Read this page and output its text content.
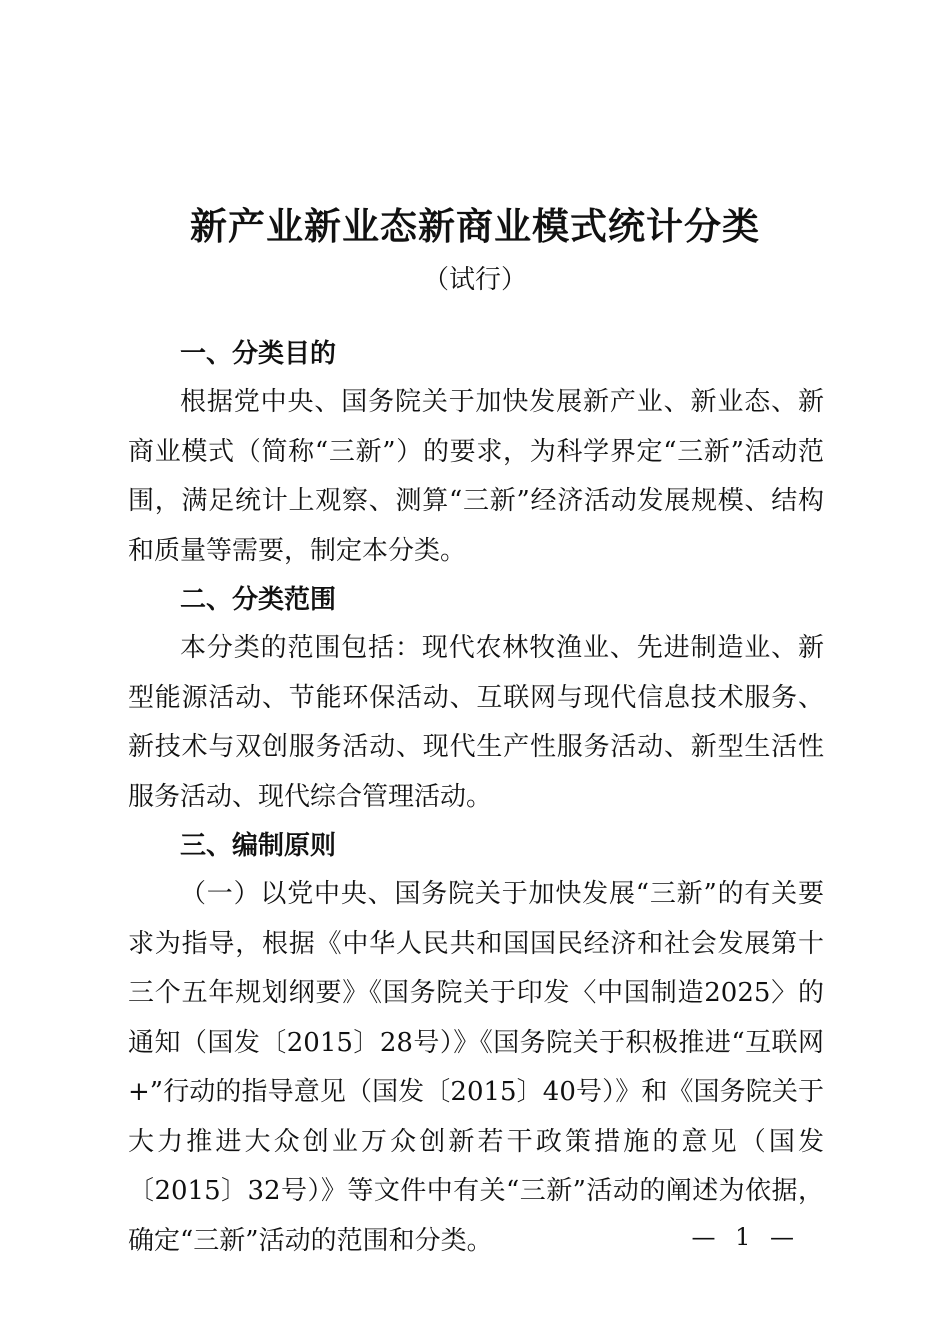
新产业新业态新商业模式统计分类
（试行）

一、分类目的

根据党中央、国务院关于加快发展新产业、新业态、新商业模式（简称“三新”）的要求，为科学界定“三新”活动范围，满足统计上观察、测算“三新”经济活动发展规模、结构和质量等需要，制定本分类。

二、分类范围

本分类的范围包括：现代农林牧渔业、先进制造业、新型能源活动、节能环保活动、互联网与现代信息技术服务、新技术与双创服务活动、现代生产性服务活动、新型生活性服务活动、现代综合管理活动。

三、编制原则

（一）以党中央、国务院关于加快发展“三新”的有关要求为指导，根据《中华人民共和国国民经济和社会发展第十三个五年规划纲要》《国务院关于印发〈中国制造2025〉的通知（国发〔2015〕28号）》《国务院关于积极推进“互联网+”行动的指导意见（国发〔2015〕40号）》和《国务院关于大力推进大众创业万众创新若干政策措施的意见（国发〔2015〕32号）》等文件中有关“三新”活动的阐述为依据，确定“三新”活动的范围和分类。	— 1 —
